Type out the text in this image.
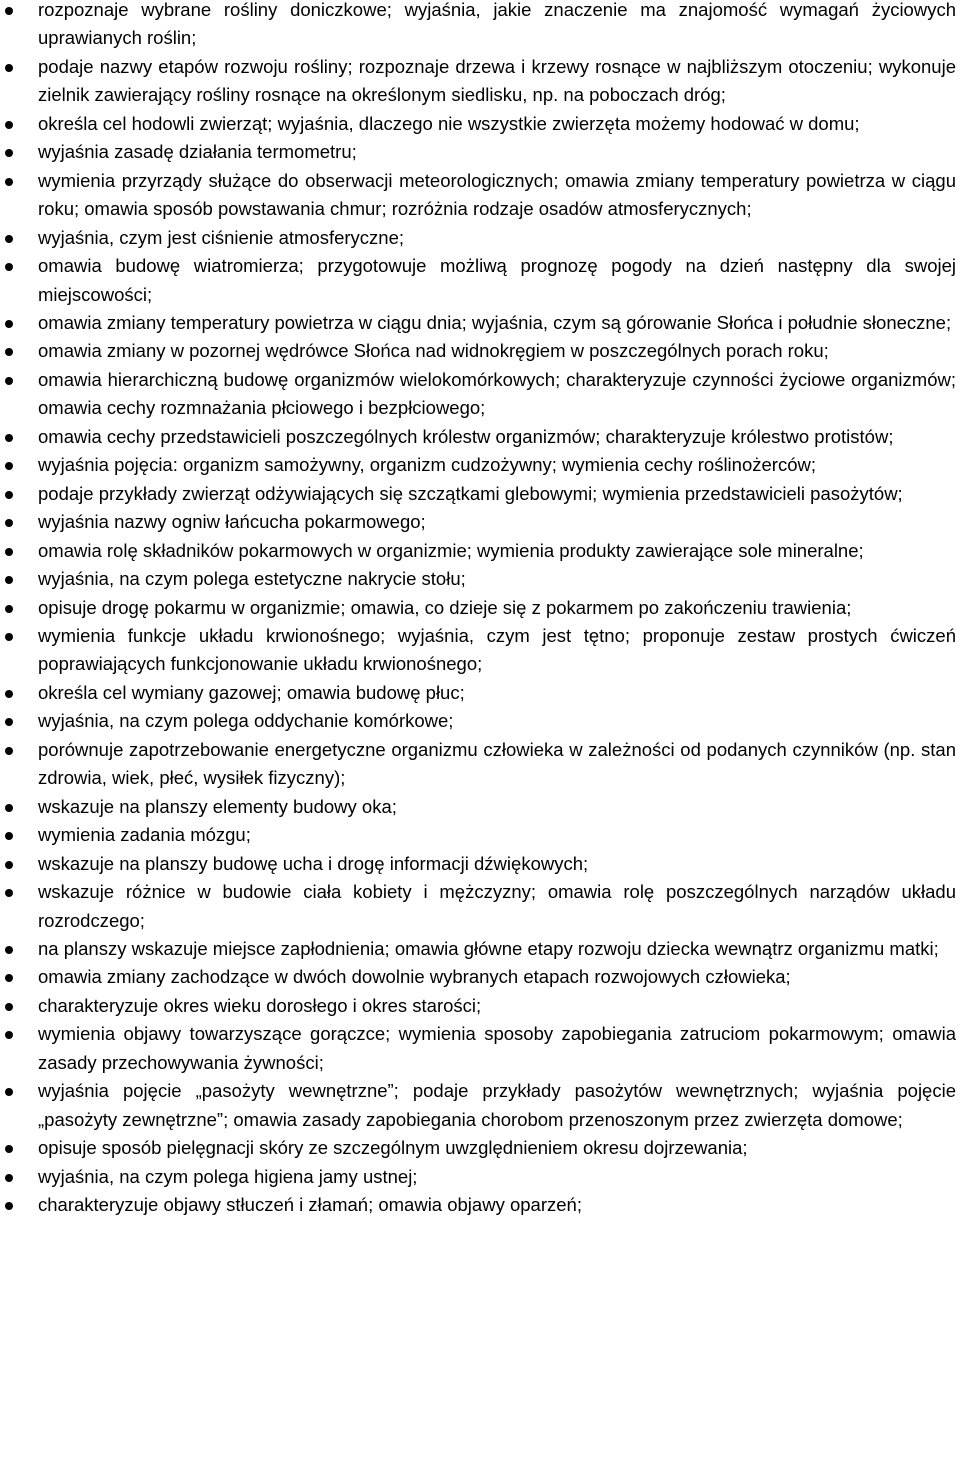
rozpoznaje wybrane rośliny doniczkowe; wyjaśnia, jakie znaczenie ma znajomość wymagań życiowych uprawianych roślin;
podaje nazwy etapów rozwoju rośliny; rozpoznaje drzewa i krzewy rosnące w najbliższym otoczeniu; wykonuje zielnik zawierający rośliny rosnące na określonym siedlisku, np. na poboczach dróg;
określa cel hodowli zwierząt; wyjaśnia, dlaczego nie wszystkie zwierzęta możemy hodować w domu;
wyjaśnia zasadę działania termometru;
wymienia przyrządy służące do obserwacji meteorologicznych; omawia zmiany temperatury powietrza w ciągu roku; omawia sposób powstawania chmur; rozróżnia rodzaje osadów atmosferycznych;
wyjaśnia, czym jest ciśnienie atmosferyczne;
omawia budowę wiatromierza; przygotowuje możliwą prognozę pogody na dzień następny dla swojej miejscowości;
omawia zmiany temperatury powietrza w ciągu dnia; wyjaśnia, czym są górowanie Słońca i południe słoneczne;
omawia zmiany w pozornej wędrówce Słońca nad widnokręgiem w poszczególnych porach roku;
omawia hierarchiczną budowę organizmów wielokomórkowych; charakteryzuje czynności życiowe organizmów; omawia cechy rozmnażania płciowego i bezpłciowego;
omawia cechy przedstawicieli poszczególnych królestw organizmów; charakteryzuje królestwo protistów;
wyjaśnia pojęcia: organizm samożywny, organizm cudzożywny; wymienia cechy roślinożerców;
podaje przykłady zwierząt odżywiających się szczątkami glebowymi; wymienia przedstawicieli pasożytów;
wyjaśnia nazwy ogniw łańcucha pokarmowego;
omawia rolę składników pokarmowych w organizmie; wymienia produkty zawierające sole mineralne;
wyjaśnia, na czym polega estetyczne nakrycie stołu;
opisuje drogę pokarmu w organizmie; omawia, co dzieje się z pokarmem po zakończeniu trawienia;
wymienia funkcje układu krwionośnego; wyjaśnia, czym jest tętno; proponuje zestaw prostych ćwiczeń poprawiających funkcjonowanie układu krwionośnego;
określa cel wymiany gazowej; omawia budowę płuc;
wyjaśnia, na czym polega oddychanie komórkowe;
porównuje zapotrzebowanie energetyczne organizmu człowieka w zależności od podanych czynników (np. stan zdrowia, wiek, płeć, wysiłek fizyczny);
wskazuje na planszy elementy budowy oka;
wymienia zadania mózgu;
wskazuje na planszy budowę ucha i drogę informacji dźwiękowych;
wskazuje różnice w budowie ciała kobiety i mężczyzny; omawia rolę poszczególnych narządów układu rozrodczego;
na planszy wskazuje miejsce zapłodnienia; omawia główne etapy rozwoju dziecka wewnątrz organizmu matki;
omawia zmiany zachodzące w dwóch dowolnie wybranych etapach rozwojowych człowieka;
charakteryzuje okres wieku dorosłego i okres starości;
wymienia objawy towarzyszące gorączce; wymienia sposoby zapobiegania zatruciom pokarmowym; omawia zasady przechowywania żywności;
wyjaśnia pojęcie „pasożyty wewnętrzne”; podaje przykłady pasożytów wewnętrznych; wyjaśnia pojęcie „pasożyty zewnętrzne”; omawia zasady zapobiegania chorobom przenoszonym przez zwierzęta domowe;
opisuje sposób pielęgnacji skóry ze szczególnym uwzględnieniem okresu dojrzewania;
wyjaśnia, na czym polega higiena jamy ustnej;
charakteryzuje objawy stłuczeń i złamań; omawia objawy oparzeń;
